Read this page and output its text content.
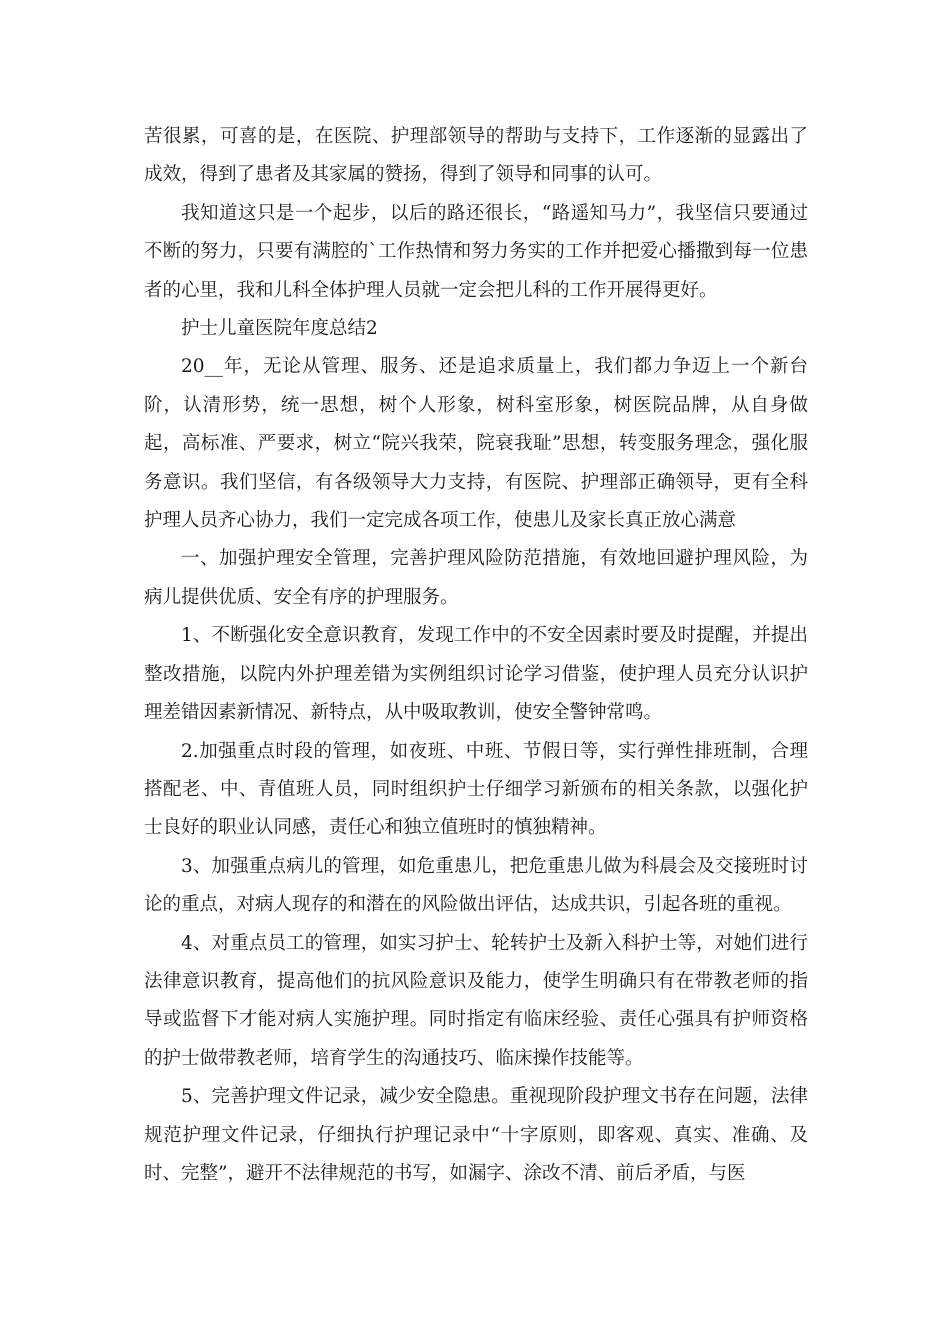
苦很累，可喜的是，在医院、护理部领导的帮助与支持下，工作逐渐的显露出了成效，得到了患者及其家属的赞扬，得到了领导和同事的认可。

我知道这只是一个起步，以后的路还很长，“路遥知马力”，我坚信只要通过不断的努力，只要有满腔的`工作热情和努力务实的工作并把爱心播撒到每一位患者的心里，我和儿科全体护理人员就一定会把儿科的工作开展得更好。

护士儿童医院年度总结2

20__年，无论从管理、服务、还是追求质量上，我们都力争迈上一个新台阶，认清形势，统一思想，树个人形象，树科室形象，树医院品牌，从自身做起，高标准、严要求，树立“院兴我荣，院衰我耻”思想，转变服务理念，强化服务意识。我们坚信，有各级领导大力支持，有医院、护理部正确领导，更有全科护理人员齐心协力，我们一定完成各项工作，使患儿及家长真正放心满意

一、加强护理安全管理，完善护理风险防范措施，有效地回避护理风险，为病儿提供优质、安全有序的护理服务。

1、不断强化安全意识教育，发现工作中的不安全因素时要及时提醒，并提出整改措施，以院内外护理差错为实例组织讨论学习借鉴，使护理人员充分认识护理差错因素新情况、新特点，从中吸取教训，使安全警钟常鸣。

2.加强重点时段的管理，如夜班、中班、节假日等，实行弹性排班制，合理搭配老、中、青值班人员，同时组织护士仔细学习新颁布的相关条款，以强化护士良好的职业认同感，责任心和独立值班时的慎独精神。

3、加强重点病儿的管理，如危重患儿，把危重患儿做为科晨会及交接班时讨论的重点，对病人现存的和潜在的风险做出评估，达成共识，引起各班的重视。

4、对重点员工的管理，如实习护士、轮转护士及新入科护士等，对她们进行法律意识教育，提高他们的抗风险意识及能力，使学生明确只有在带教老师的指导或监督下才能对病人实施护理。同时指定有临床经验、责任心强具有护师资格的护士做带教老师，培育学生的沟通技巧、临床操作技能等。

5、完善护理文件记录，减少安全隐患。重视现阶段护理文书存在问题，法律规范护理文件记录，仔细执行护理记录中“十字原则，即客观、真实、准确、及时、完整”，避开不法律规范的书写，如漏字、涂改不清、前后矛盾，与医
